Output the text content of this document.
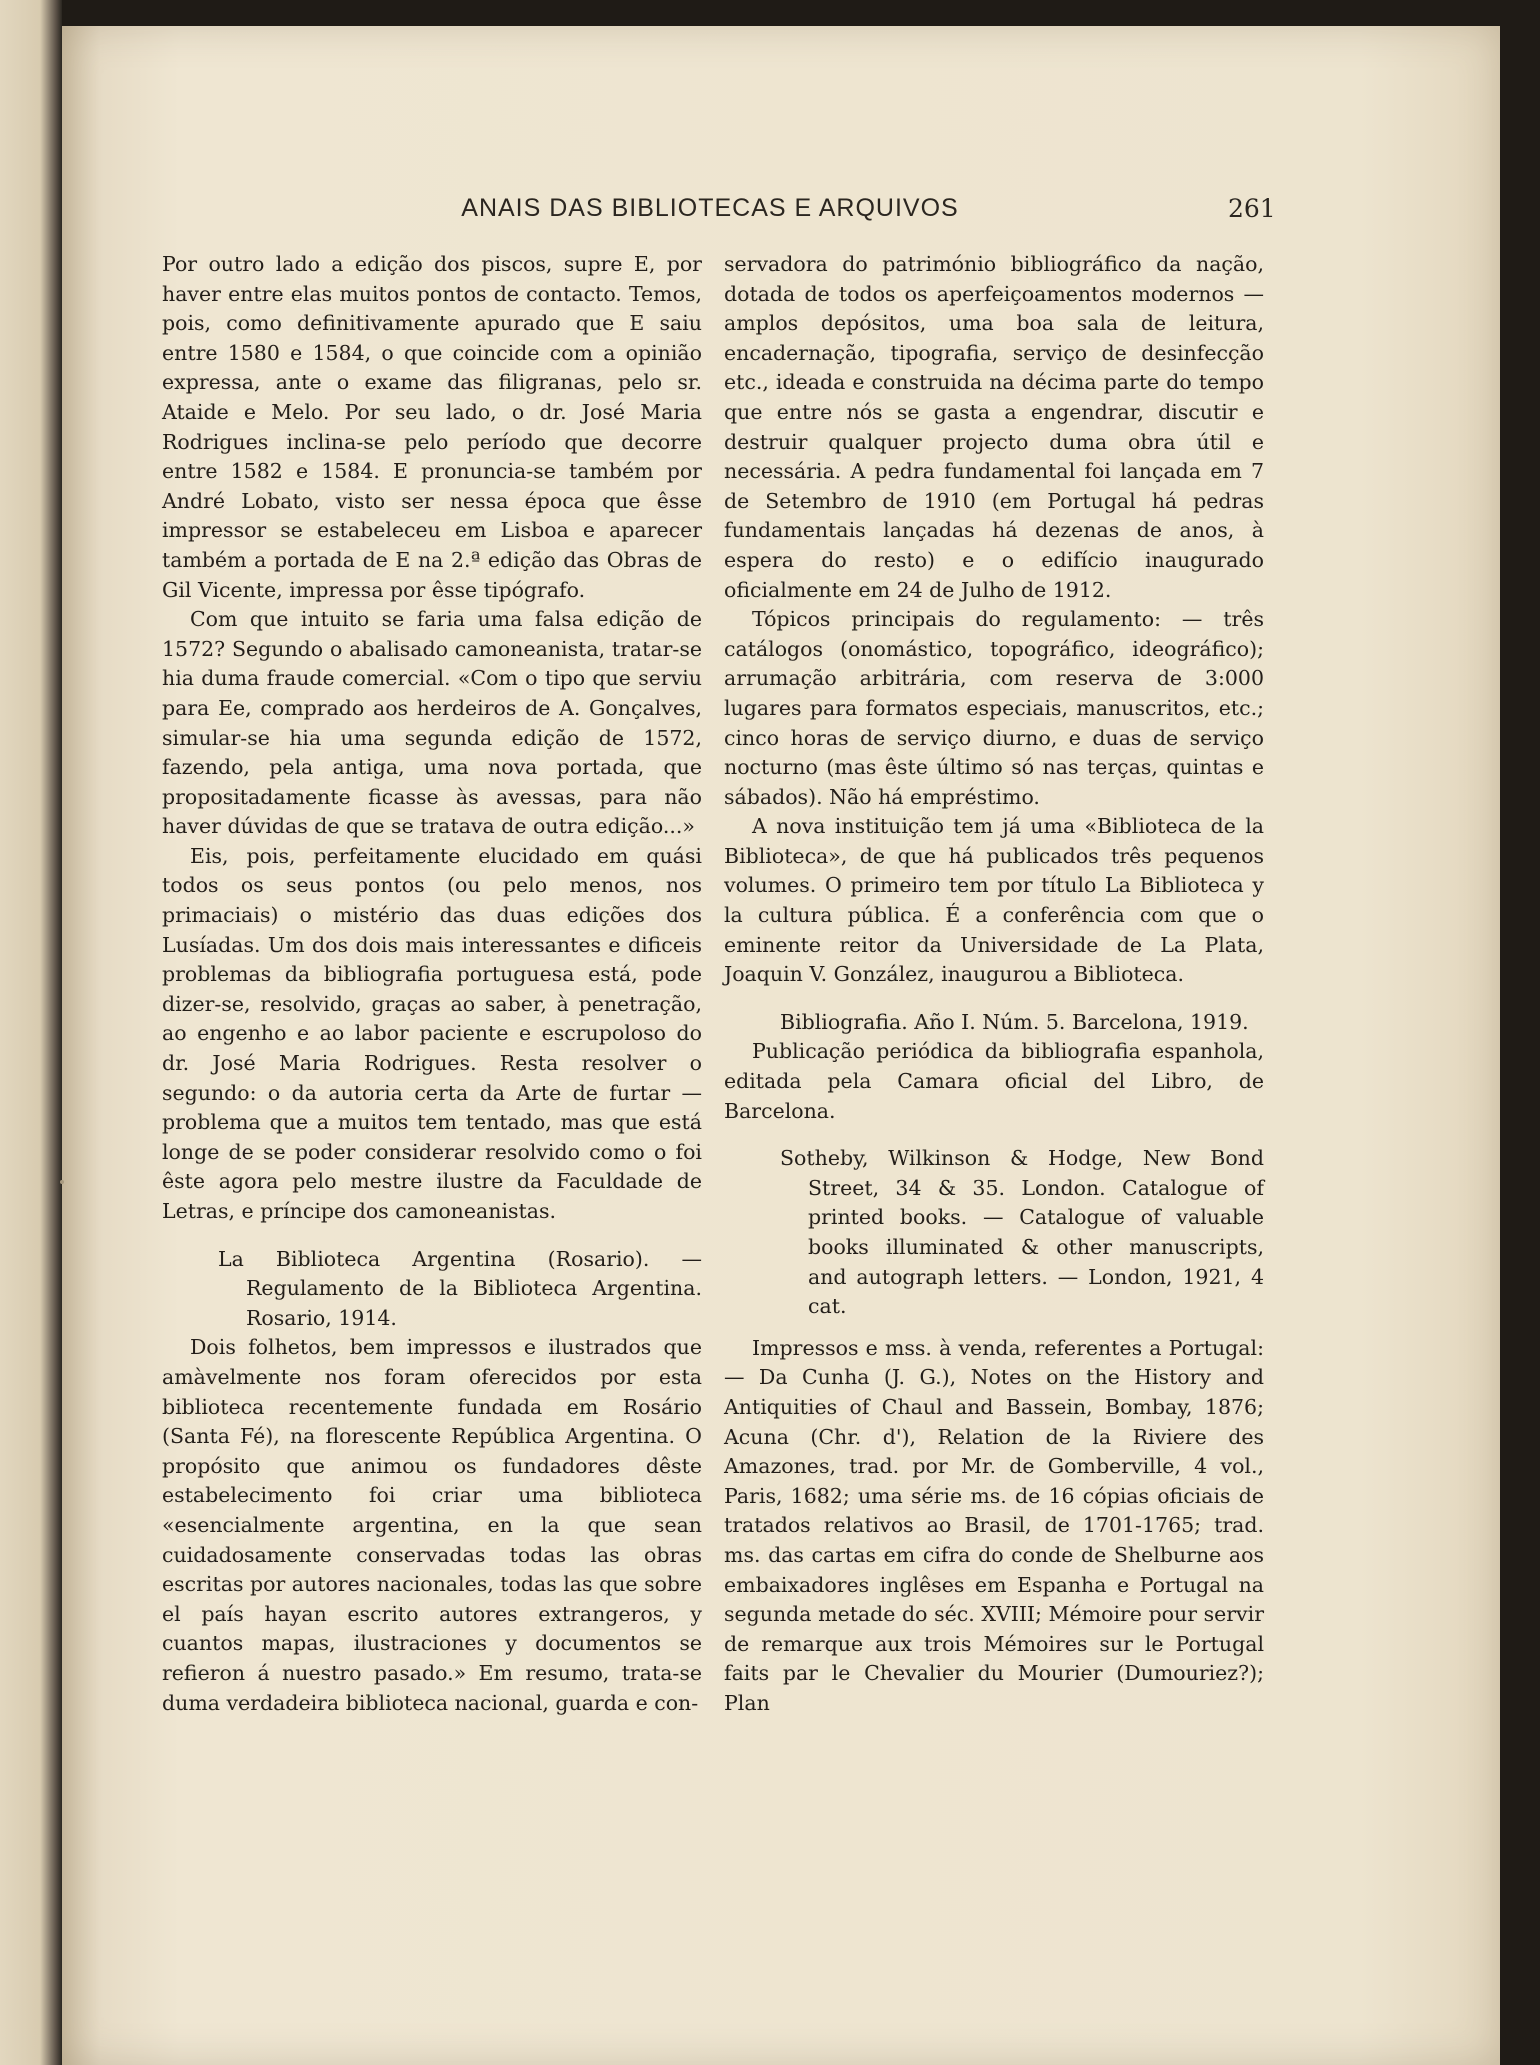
ANAIS DAS BIBLIOTECAS E ARQUIVOS	261

Por outro lado a edição dos piscos, supre E, por haver entre elas muitos pontos de contacto. Temos, pois, como definitivamente apurado que E saiu entre 1580 e 1584, o que coincide com a opinião expressa, ante o exame das filigranas, pelo sr. Ataide e Melo. Por seu lado, o dr. José Maria Rodrigues inclina-se pelo período que decorre entre 1582 e 1584. E pronuncia-se também por André Lobato, visto ser nessa época que êsse impressor se estabeleceu em Lisboa e aparecer também a portada de E na 2.ª edição das Obras de Gil Vicente, impressa por êsse tipógrafo.

Com que intuito se faria uma falsa edição de 1572? Segundo o abalisado camoneanista, tratar-se hia duma fraude comercial. «Com o tipo que serviu para Ee, comprado aos herdeiros de A. Gonçalves, simular-se hia uma segunda edição de 1572, fazendo, pela antiga, uma nova portada, que propositadamente ficasse às avessas, para não haver dúvidas de que se tratava de outra edição...»

Eis, pois, perfeitamente elucidado em quási todos os seus pontos (ou pelo menos, nos primaciais) o mistério das duas edições dos Lusíadas. Um dos dois mais interessantes e dificeis problemas da bibliografia portuguesa está, pode dizer-se, resolvido, graças ao saber, à penetração, ao engenho e ao labor paciente e escrupoloso do dr. José Maria Rodrigues. Resta resolver o segundo: o da autoria certa da Arte de furtar — problema que a muitos tem tentado, mas que está longe de se poder considerar resolvido como o foi êste agora pelo mestre ilustre da Faculdade de Letras, e príncipe dos camoneanistas.

La Biblioteca Argentina (Rosario). — Regulamento de la Biblioteca Argentina. Rosario, 1914.

Dois folhetos, bem impressos e ilustrados que amàvelmente nos foram oferecidos por esta biblioteca recentemente fundada em Rosário (Santa Fé), na florescente República Argentina. O propósito que animou os fundadores dêste estabelecimento foi criar uma biblioteca «esencialmente argentina, en la que sean cuidadosamente conservadas todas las obras escritas por autores nacionales, todas las que sobre el país hayan escrito autores extrangeros, y cuantos mapas, ilustraciones y documentos se refieron á nuestro pasado.» Em resumo, trata-se duma verdadeira biblioteca nacional, guarda e con-

servadora do património bibliográfico da nação, dotada de todos os aperfeiçoamentos modernos — amplos depósitos, uma boa sala de leitura, encadernação, tipografia, serviço de desinfecção etc., ideada e construida na décima parte do tempo que entre nós se gasta a engendrar, discutir e destruir qualquer projecto duma obra útil e necessária. A pedra fundamental foi lançada em 7 de Setembro de 1910 (em Portugal há pedras fundamentais lançadas há dezenas de anos, à espera do resto) e o edifício inaugurado oficialmente em 24 de Julho de 1912.

Tópicos principais do regulamento: — três catálogos (onomástico, topográfico, ideográfico); arrumação arbitrária, com reserva de 3:000 lugares para formatos especiais, manuscritos, etc.; cinco horas de serviço diurno, e duas de serviço nocturno (mas êste último só nas terças, quintas e sábados). Não há empréstimo.

A nova instituição tem já uma «Biblioteca de la Biblioteca», de que há publicados três pequenos volumes. O primeiro tem por título La Biblioteca y la cultura pública. É a conferência com que o eminente reitor da Universidade de La Plata, Joaquin V. González, inaugurou a Biblioteca.

Bibliografia. Año I. Núm. 5. Barcelona, 1919.

Publicação periódica da bibliografia espanhola, editada pela Camara oficial del Libro, de Barcelona.

Sotheby, Wilkinson & Hodge, New Bond Street, 34 & 35. London. Catalogue of printed books. — Catalogue of valuable books illuminated & other manuscripts, and autograph letters. — London, 1921, 4 cat.

Impressos e mss. à venda, referentes a Portugal: — Da Cunha (J. G.), Notes on the History and Antiquities of Chaul and Bassein, Bombay, 1876; Acuna (Chr. d'), Relation de la Riviere des Amazones, trad. por Mr. de Gomberville, 4 vol., Paris, 1682; uma série ms. de 16 cópias oficiais de tratados relativos ao Brasil, de 1701-1765; trad. ms. das cartas em cifra do conde de Shelburne aos embaixadores inglêses em Espanha e Portugal na segunda metade do séc. XVIII; Mémoire pour servir de remarque aux trois Mémoires sur le Portugal faits par le Chevalier du Mourier (Dumouriez?); Plan
